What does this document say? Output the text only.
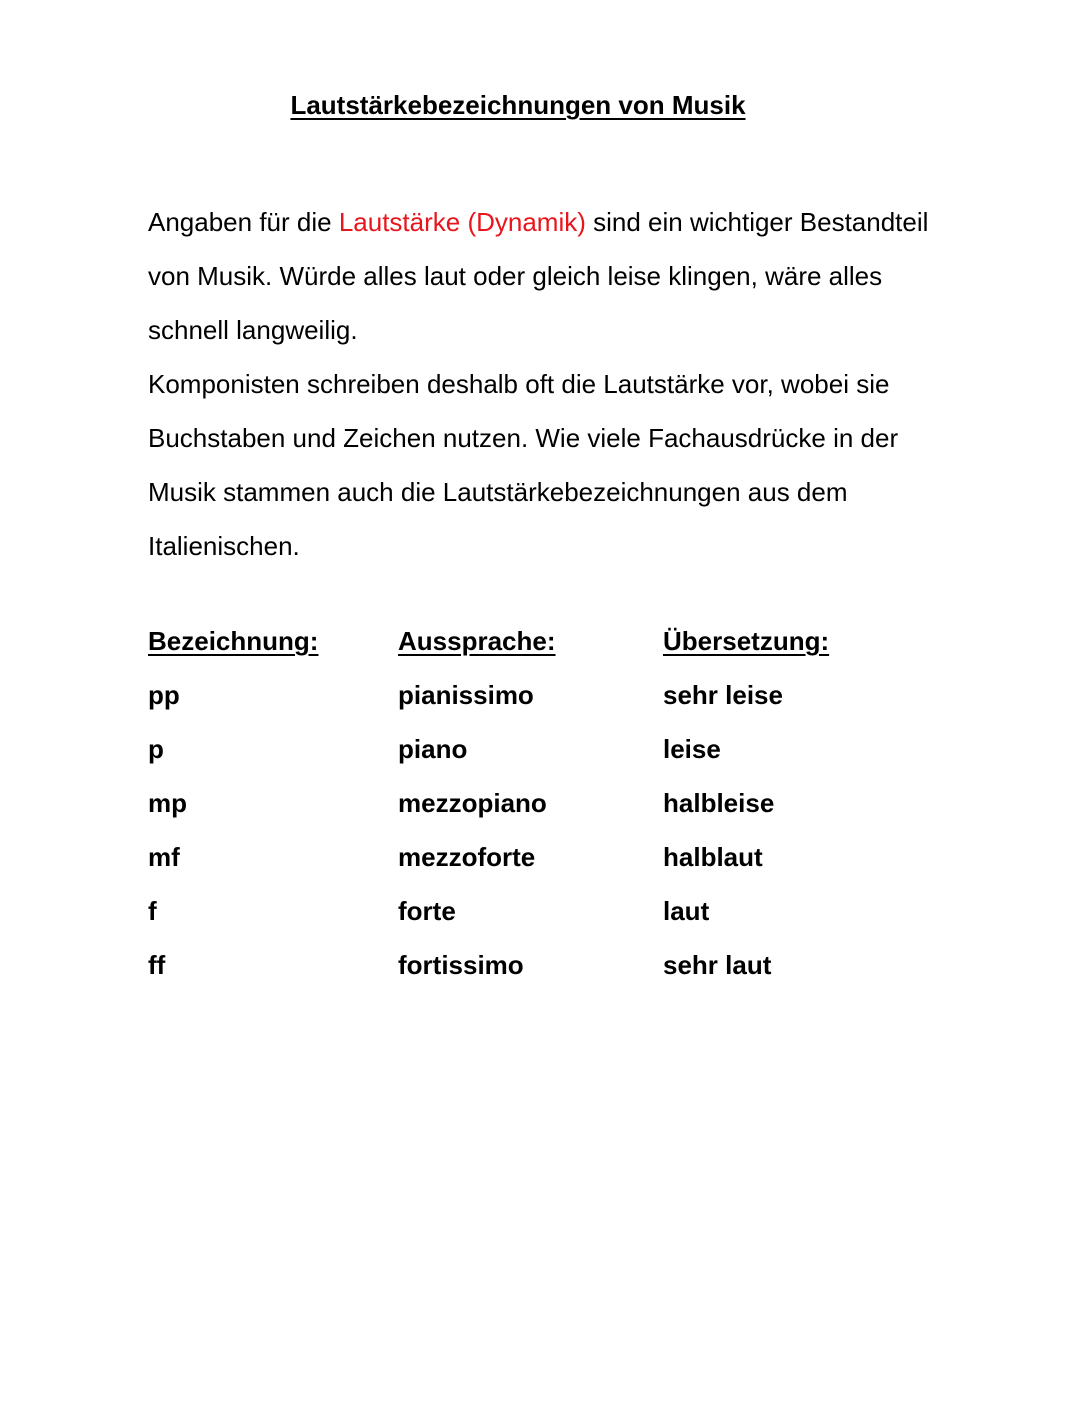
Lautstärkebezeichnungen von Musik

Angaben für die Lautstärke (Dynamik) sind ein wichtiger Bestandteil von Musik. Würde alles laut oder gleich leise klingen, wäre alles schnell langweilig.

Komponisten schreiben deshalb oft die Lautstärke vor, wobei sie Buchstaben und Zeichen nutzen. Wie viele Fachausdrücke in der Musik stammen auch die Lautstärkebezeichnungen aus dem Italienischen.

Bezeichnung:	Aussprache:	Übersetzung:
pp	pianissimo	sehr leise
p	piano	leise
mp	mezzopiano	halbleise
mf	mezzoforte	halblaut
f	forte	laut
ff	fortissimo	sehr laut
